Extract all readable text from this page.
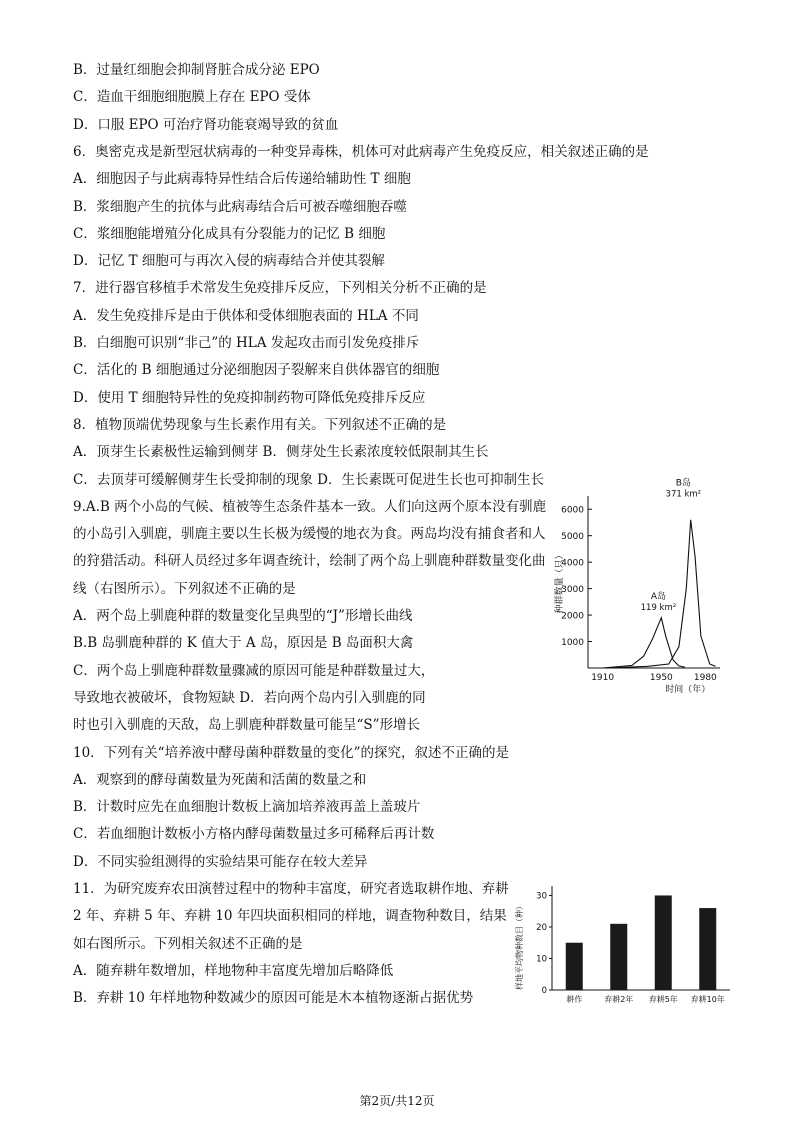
B．过量红细胞会抑制肾脏合成分泌 EPO
C．造血干细胞细胞膜上存在 EPO 受体
D．口服 EPO 可治疗肾功能衰竭导致的贫血
6．奥密克戎是新型冠状病毒的一种变异毒株，机体可对此病毒产生免疫反应，相关叙述正确的是
A．细胞因子与此病毒特异性结合后传递给辅助性 T 细胞
B．浆细胞产生的抗体与此病毒结合后可被吞噬细胞吞噬
C．浆细胞能增殖分化成具有分裂能力的记忆 B 细胞
D．记忆 T 细胞可与再次入侵的病毒结合并使其裂解
7．进行器官移植手术常发生免疫排斥反应，下列相关分析不正确的是
A．发生免疫排斥是由于供体和受体细胞表面的 HLA 不同
B．白细胞可识别“非己”的 HLA 发起攻击而引发免疫排斥
C．活化的 B 细胞通过分泌细胞因子裂解来自供体器官的细胞
D．使用 T 细胞特异性的免疫抑制药物可降低免疫排斥反应
8．植物顶端优势现象与生长素作用有关。下列叙述不正确的是
A．顶芽生长素极性运输到侧芽 B．侧芽处生长素浓度较低限制其生长
C．去顶芽可缓解侧芽生长受抑制的现象 D．生长素既可促进生长也可抑制生长
9.A.B 两个小岛的气候、植被等生态条件基本一致。人们向这两个原本没有驯鹿
的小岛引入驯鹿，驯鹿主要以生长极为缓慢的地衣为食。两岛均没有捕食者和人
的狩猎活动。科研人员经过多年调查统计，绘制了两个岛上驯鹿种群数量变化曲
线（右图所示）。下列叙述不正确的是
A．两个岛上驯鹿种群的数量变化呈典型的“J”形增长曲线
B.B 岛驯鹿种群的 K 值大于 A 岛，原因是 B 岛面积大禽
C．两个岛上驯鹿种群数量骤减的原因可能是种群数量过大，
导致地衣被破坏，食物短缺 D．若向两个岛内引入驯鹿的同
时也引入驯鹿的天敌，岛上驯鹿种群数量可能呈“S”形增长
10．下列有关“培养液中酵母菌种群数量的变化”的探究，叙述不正确的是
A．观察到的酵母菌数量为死菌和活菌的数量之和
B．计数时应先在血细胞计数板上滴加培养液再盖上盖玻片
C．若血细胞计数板小方格内酵母菌数量过多可稀释后再计数
D．不同实验组测得的实验结果可能存在较大差异
11．为研究废弃农田演替过程中的物种丰富度，研究者选取耕作地、弃耕
2 年、弃耕 5 年、弃耕 10 年四块面积相同的样地，调查物种数目，结果
如右图所示。下列相关叙述不正确的是
A．随弃耕年数增加，样地物种丰富度先增加后略降低
B．弃耕 10 年样地物种数减少的原因可能是木本植物逐渐占据优势
1000
2000
3000
4000
5000
6000
1910	1950 1980
时间（年）
种群数量（只）	A岛
119 km²
B岛
371 km²
0
10
20
30
耕作	弃耕2年 弃耕5年 弃耕10年
样地平均物种数目（种）
第2页/共12页
